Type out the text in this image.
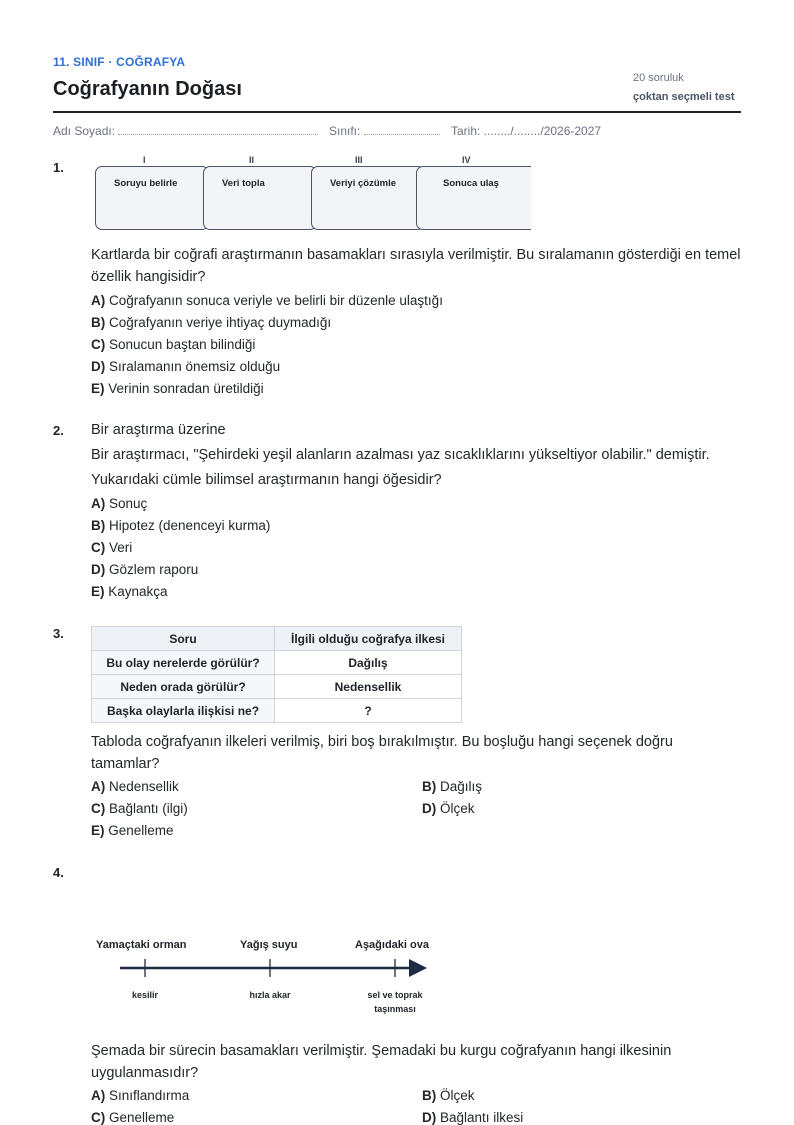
11. SINIF · COĞRAFYA
Coğrafyanın Doğası	20 soruluk
çoktan seçmeli test
Adı Soyadı:	Sınıfı:	Tarih: ......../......../2026-2027
1.	I	II	III	IV
Soruyu belirle	Veri topla	Veriyi çözümle	Sonuca ulaş
Kartlarda bir coğrafi araştırmanın basamakları sırasıyla verilmiştir. Bu sıralamanın gösterdiği en temel özellik hangisidir?
A) Coğrafyanın sonuca veriyle ve belirli bir düzenle ulaştığı
B) Coğrafyanın veriye ihtiyaç duymadığı
C) Sonucun baştan bilindiği
D) Sıralamanın önemsiz olduğu
E) Verinin sonradan üretildiği
2. Bir araştırma üzerine
Bir araştırmacı, "Şehirdeki yeşil alanların azalması yaz sıcaklıklarını yükseltiyor olabilir." demiştir.
Yukarıdaki cümle bilimsel araştırmanın hangi öğesidir?
A) Sonuç
B) Hipotez (denenceyi kurma)
C) Veri
D) Gözlem raporu
E) Kaynakça
3.	Soru	İlgili olduğu coğrafya ilkesi
Bu olay nerelerde görülür?	Dağılış
Neden orada görülür?	Nedensellik
Başka olaylarla ilişkisi ne?	?
Tabloda coğrafyanın ilkeleri verilmiş, biri boş bırakılmıştır. Bu boşluğu hangi seçenek doğru tamamlar?
A) Nedensellik	B) Dağılış
C) Bağlantı (ilgi)	D) Ölçek
E) Genelleme
4.
Yamaçtaki orman	Yağış suyu	Aşağıdaki ova
kesilir	hızla akar	sel ve toprak taşınması
Şemada bir sürecin basamakları verilmiştir. Şemadaki bu kurgu coğrafyanın hangi ilkesinin uygulanmasıdır?
A) Sınıflandırma	B) Ölçek
C) Genelleme	D) Bağlantı ilkesi
